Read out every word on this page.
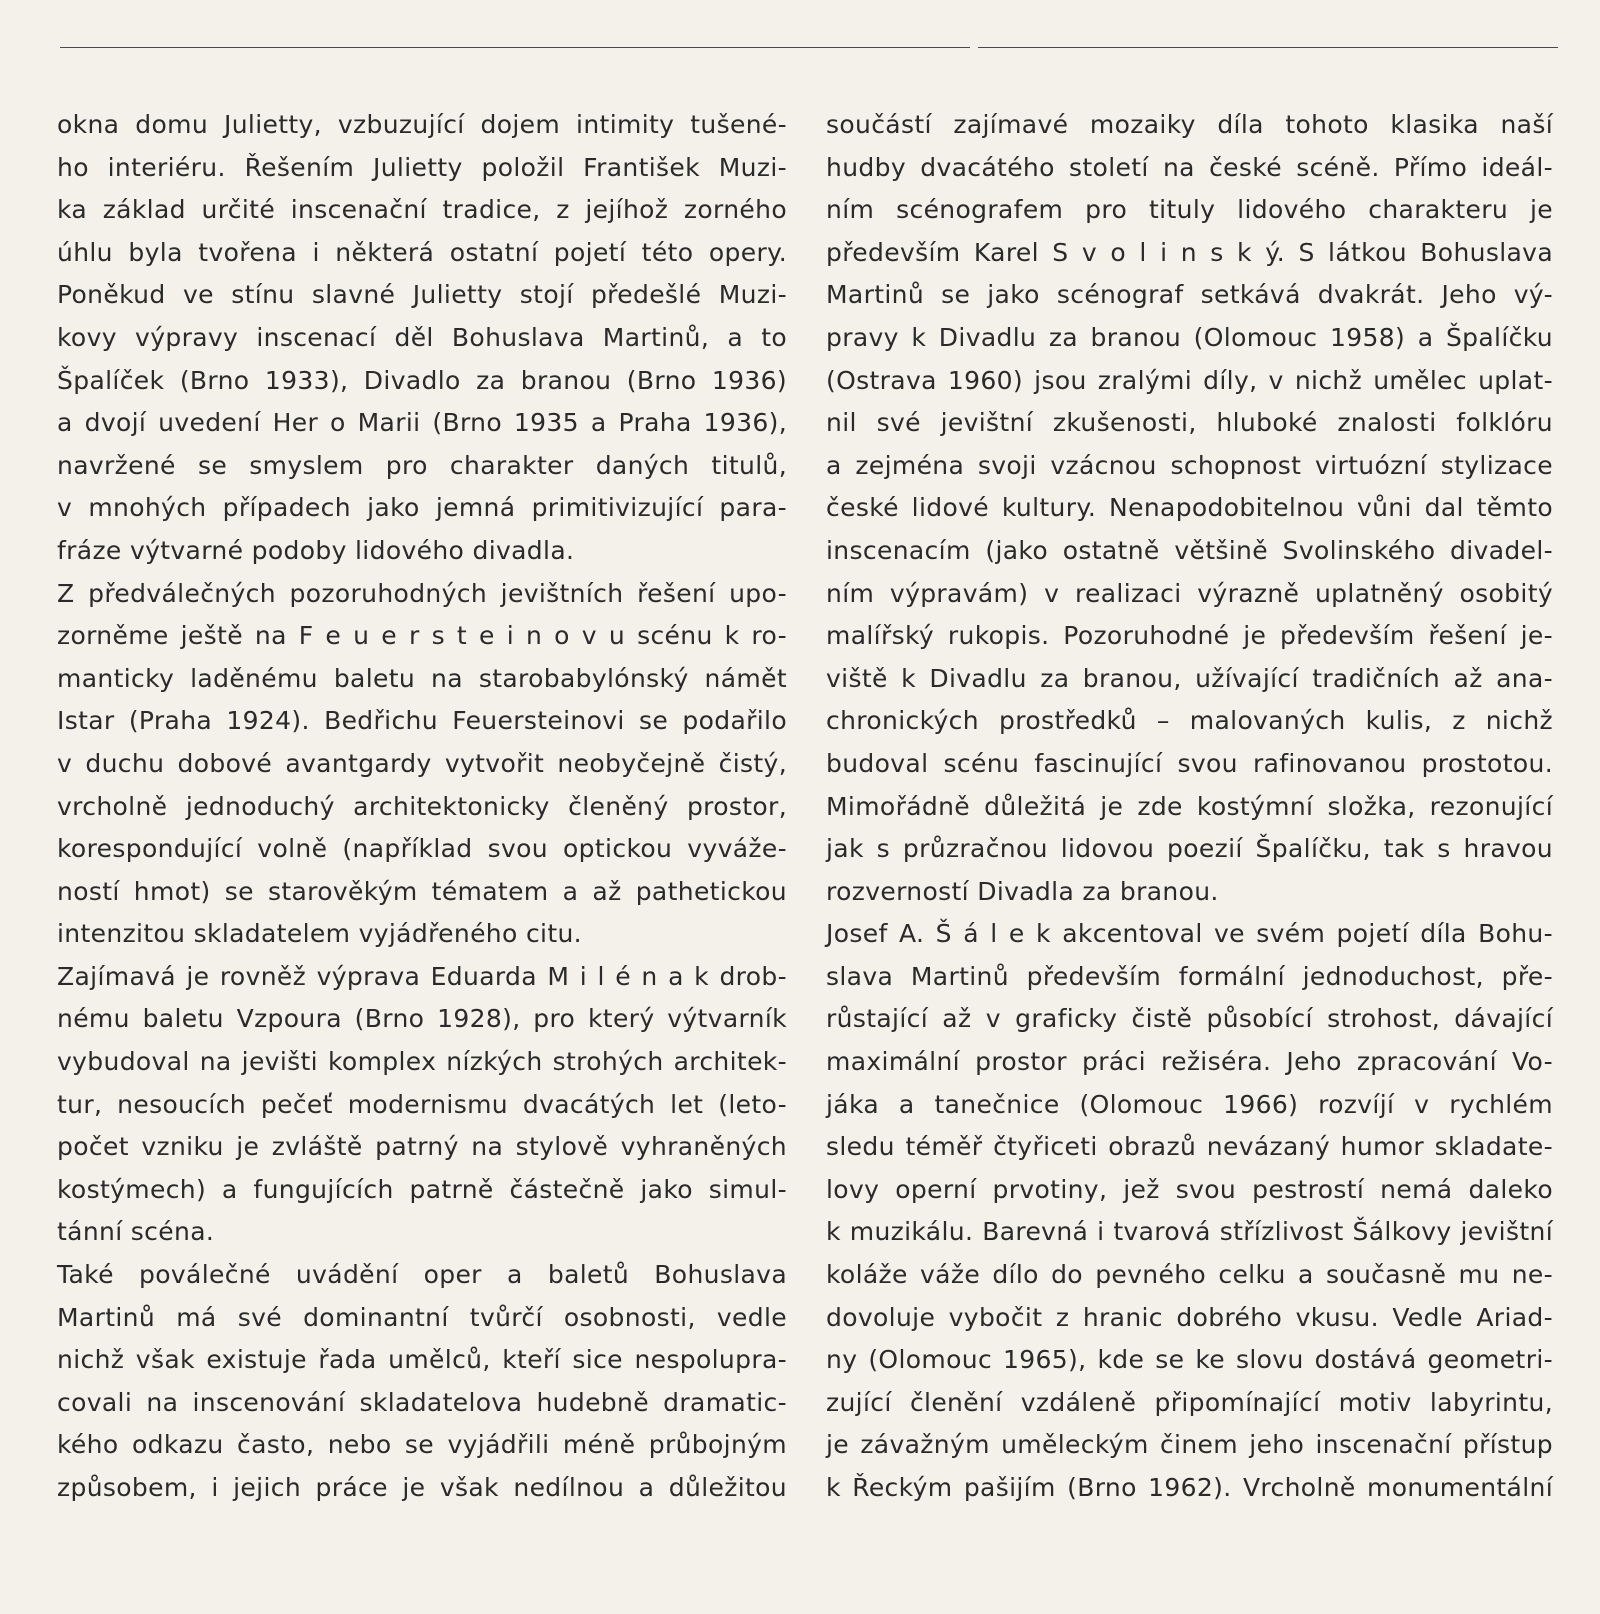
okna domu Julietty, vzbuzující dojem intimity tušené-
ho interiéru. Řešením Julietty položil František Muzi-
ka základ určité inscenační tradice, z jejíhož zorného
úhlu byla tvořena i některá ostatní pojetí této opery.
Poněkud ve stínu slavné Julietty stojí předešlé Muzi-
kovy výpravy inscenací děl Bohuslava Martinů, a to
Špalíček (Brno 1933), Divadlo za branou (Brno 1936)
a dvojí uvedení Her o Marii (Brno 1935 a Praha 1936),
navržené se smyslem pro charakter daných titulů,
v mnohých případech jako jemná primitivizující para-
fráze výtvarné podoby lidového divadla.
Z předválečných pozoruhodných jevištních řešení upo-
zorněme ještě na F e u e r s t e i n o v u scénu k ro-
manticky laděnému baletu na starobabylónský námět
Istar (Praha 1924). Bedřichu Feuersteinovi se podařilo
v duchu dobové avantgardy vytvořit neobyčejně čistý,
vrcholně jednoduchý architektonicky členěný prostor,
korespondující volně (například svou optickou vyváže-
ností hmot) se starověkým tématem a až pathetickou
intenzitou skladatelem vyjádřeného citu.
Zajímavá je rovněž výprava Eduarda M i l é n a k drob-
nému baletu Vzpoura (Brno 1928), pro který výtvarník
vybudoval na jevišti komplex nízkých strohých architek-
tur, nesoucích pečeť modernismu dvacátých let (leto-
počet vzniku je zvláště patrný na stylově vyhraněných
kostýmech) a fungujících patrně částečně jako simul-
tánní scéna.
Také poválečné uvádění oper a baletů Bohuslava
Martinů má své dominantní tvůrčí osobnosti, vedle
nichž však existuje řada umělců, kteří sice nespolupra-
covali na inscenování skladatelova hudebně dramatic-
kého odkazu často, nebo se vyjádřili méně průbojným
způsobem, i jejich práce je však nedílnou a důležitou
součástí zajímavé mozaiky díla tohoto klasika naší
hudby dvacátého století na české scéně. Přímo ideál-
ním scénografem pro tituly lidového charakteru je
především Karel S v o l i n s k ý. S látkou Bohuslava
Martinů se jako scénograf setkává dvakrát. Jeho vý-
pravy k Divadlu za branou (Olomouc 1958) a Špalíčku
(Ostrava 1960) jsou zralými díly, v nichž umělec uplat-
nil své jevištní zkušenosti, hluboké znalosti folklóru
a zejména svoji vzácnou schopnost virtuózní stylizace
české lidové kultury. Nenapodobitelnou vůni dal těmto
inscenacím (jako ostatně většině Svolinského divadel-
ním výpravám) v realizaci výrazně uplatněný osobitý
malířský rukopis. Pozoruhodné je především řešení je-
viště k Divadlu za branou, užívající tradičních až ana-
chronických prostředků – malovaných kulis, z nichž
budoval scénu fascinující svou rafinovanou prostotou.
Mimořádně důležitá je zde kostýmní složka, rezonující
jak s průzračnou lidovou poezií Špalíčku, tak s hravou
rozverností Divadla za branou.
Josef A. Š á l e k akcentoval ve svém pojetí díla Bohu-
slava Martinů především formální jednoduchost, pře-
růstající až v graficky čistě působící strohost, dávající
maximální prostor práci režiséra. Jeho zpracování Vo-
jáka a tanečnice (Olomouc 1966) rozvíjí v rychlém
sledu téměř čtyřiceti obrazů nevázaný humor skladate-
lovy operní prvotiny, jež svou pestrostí nemá daleko
k muzikálu. Barevná i tvarová střízlivost Šálkovy jevištní
koláže váže dílo do pevného celku a současně mu ne-
dovoluje vybočit z hranic dobrého vkusu. Vedle Ariad-
ny (Olomouc 1965), kde se ke slovu dostává geometri-
zující členění vzdáleně připomínající motiv labyrintu,
je závažným uměleckým činem jeho inscenační přístup
k Řeckým pašijím (Brno 1962). Vrcholně monumentální
